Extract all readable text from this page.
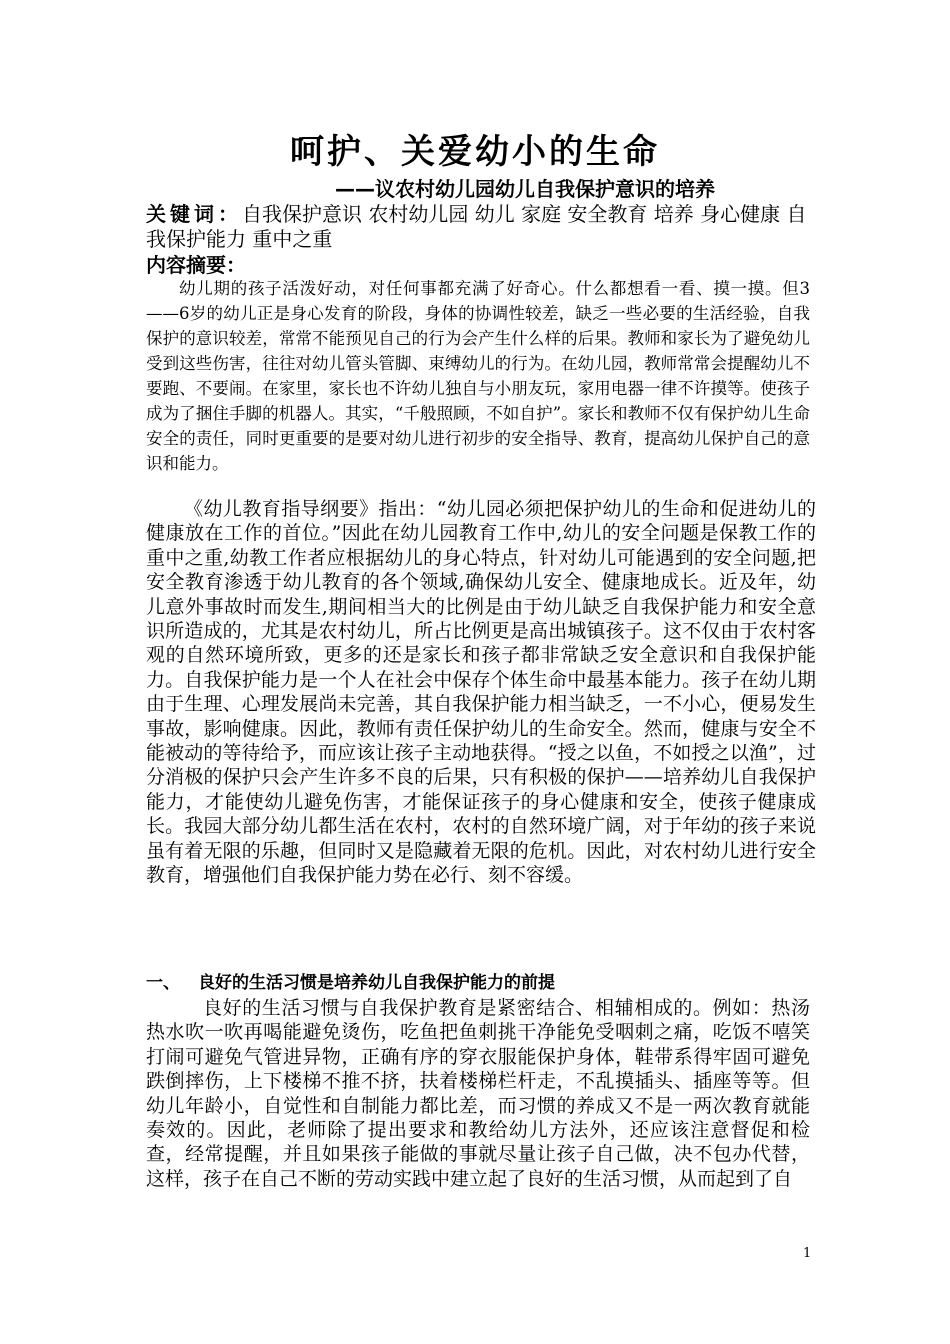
呵护、关爱幼小的生命

——议农村幼儿园幼儿自我保护意识的培养

关键词：自我保护意识 农村幼儿园 幼儿 家庭 安全教育 培养 身心健康 自我保护能力 重中之重

内容摘要：

幼儿期的孩子活泼好动，对任何事都充满了好奇心。什么都想看一看、摸一摸。但3——6岁的幼儿正是身心发育的阶段，身体的协调性较差，缺乏一些必要的生活经验，自我保护的意识较差，常常不能预见自己的行为会产生什么样的后果。教师和家长为了避免幼儿受到这些伤害，往往对幼儿管头管脚、束缚幼儿的行为。在幼儿园，教师常常会提醒幼儿不要跑、不要闹。在家里，家长也不许幼儿独自与小朋友玩，家用电器一律不许摸等。使孩子成为了捆住手脚的机器人。其实，“千般照顾，不如自护”。家长和教师不仅有保护幼儿生命安全的责任，同时更重要的是要对幼儿进行初步的安全指导、教育，提高幼儿保护自己的意识和能力。

《幼儿教育指导纲要》指出：“幼儿园必须把保护幼儿的生命和促进幼儿的健康放在工作的首位。”因此在幼儿园教育工作中,幼儿的安全问题是保教工作的重中之重,幼教工作者应根据幼儿的身心特点，针对幼儿可能遇到的安全问题,把安全教育渗透于幼儿教育的各个领域,确保幼儿安全、健康地成长。近及年，幼儿意外事故时而发生,期间相当大的比例是由于幼儿缺乏自我保护能力和安全意识所造成的，尤其是农村幼儿，所占比例更是高出城镇孩子。这不仅由于农村客观的自然环境所致，更多的还是家长和孩子都非常缺乏安全意识和自我保护能力。自我保护能力是一个人在社会中保存个体生命中最基本能力。孩子在幼儿期由于生理、心理发展尚未完善，其自我保护能力相当缺乏，一不小心，便易发生事故，影响健康。因此，教师有责任保护幼儿的生命安全。然而，健康与安全不能被动的等待给予，而应该让孩子主动地获得。“授之以鱼，不如授之以渔”，过分消极的保护只会产生许多不良的后果，只有积极的保护——培养幼儿自我保护能力，才能使幼儿避免伤害，才能保证孩子的身心健康和安全，使孩子健康成长。我园大部分幼儿都生活在农村，农村的自然环境广阔，对于年幼的孩子来说虽有着无限的乐趣，但同时又是隐藏着无限的危机。因此，对农村幼儿进行安全教育，增强他们自我保护能力势在必行、刻不容缓。

一、 良好的生活习惯是培养幼儿自我保护能力的前提

良好的生活习惯与自我保护教育是紧密结合、相辅相成的。例如：热汤热水吹一吹再喝能避免烫伤，吃鱼把鱼刺挑干净能免受咽刺之痛，吃饭不嘻笑打闹可避免气管进异物，正确有序的穿衣服能保护身体，鞋带系得牢固可避免跌倒摔伤，上下楼梯不推不挤，扶着楼梯栏杆走，不乱摸插头、插座等等。但幼儿年龄小，自觉性和自制能力都比差，而习惯的养成又不是一两次教育就能奏效的。因此，老师除了提出要求和教给幼儿方法外，还应该注意督促和检查，经常提醒，并且如果孩子能做的事就尽量让孩子自己做，决不包办代替，这样，孩子在自己不断的劳动实践中建立起了良好的生活习惯，从而起到了自

1
